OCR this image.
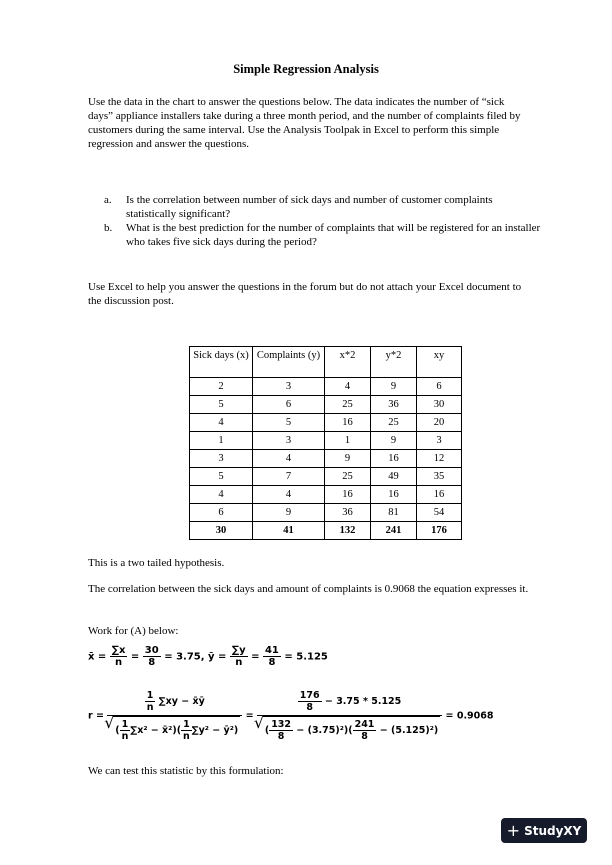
Simple Regression Analysis
Use the data in the chart to answer the questions below. The data indicates the number of “sick days” appliance installers take during a three month period, and the number of complaints filed by customers during the same interval. Use the Analysis Toolpak in Excel to perform this simple regression and answer the questions.
a. Is the correlation between number of sick days and number of customer complaints statistically significant?
b. What is the best prediction for the number of complaints that will be registered for an installer who takes five sick days during the period?
Use Excel to help you answer the questions in the forum but do not attach your Excel document to the discussion post.
Sick days (x)	Complaints (y)	x*2	y*2	xy
2	3	4	9	6
5	6	25	36	30
4	5	16	25	20
1	3	1	9	3
3	4	9	16	12
5	7	25	49	35
4	4	16	16	16
6	9	36	81	54
30	41	132	241	176
This is a two tailed hypothesis.
The correlation between the sick days and amount of complaints is 0.9068 the equation expresses it.
Work for (A) below:
x̄ = $\frac{\sum x}{n} = \frac{30}{8} = 3.75$, ȳ = $\frac{\sum y}{n} = \frac{41}{8} = 5.125$
$r = \frac{1}{n} \sum xy$ − x̄ȳ
√ ( $\frac{1}{n} \sum x^2$ − x̄²)( $\frac{1}{n} \sum y^2$ − ȳ²) = $\frac{176}{8} - 3.75 * 5.125$
√ ( $\frac{132}{8} - (3.75)^2)( \frac{241}{8} - (5.125)^2) = 0.9068$
We can test this statistic by this formulation:
+ StudyXY
